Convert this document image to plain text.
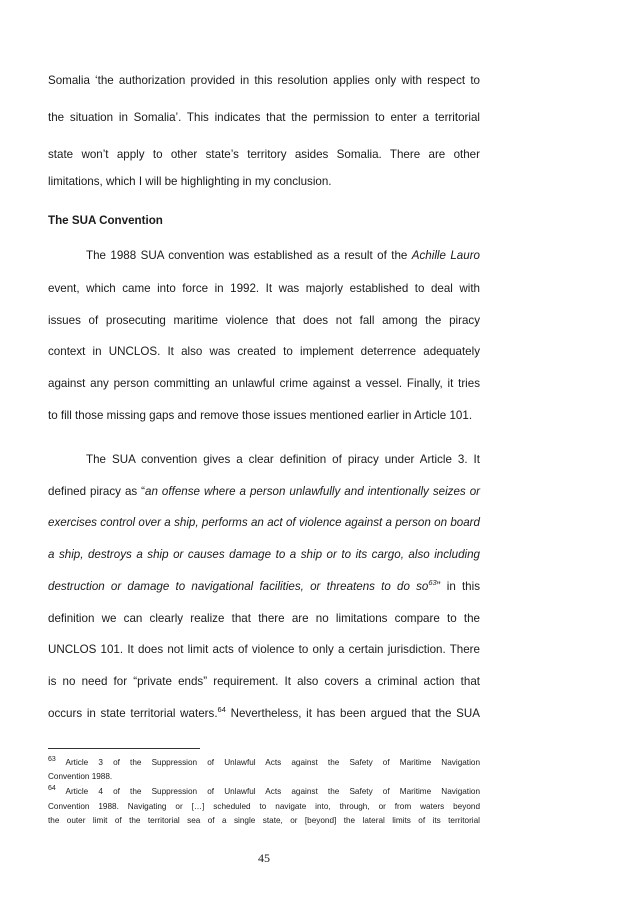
Somalia ‘the authorization provided in this resolution applies only with respect to
the situation in Somalia’. This indicates that the permission to enter a territorial
state won’t apply to other state’s territory asides Somalia. There are other
limitations, which I will be highlighting in my conclusion.
The SUA Convention
The 1988 SUA convention was established as a result of the Achille Lauro
event, which came into force in 1992. It was majorly established to deal with
issues of prosecuting maritime violence that does not fall among the piracy
context in UNCLOS. It also was created to implement deterrence adequately
against any person committing an unlawful crime against a vessel. Finally, it tries
to fill those missing gaps and remove those issues mentioned earlier in Article 101.
The SUA convention gives a clear definition of piracy under Article 3. It
defined piracy as “an offense where a person unlawfully and intentionally seizes or
exercises control over a ship, performs an act of violence against a person on board
a ship, destroys a ship or causes damage to a ship or to its cargo, also including
destruction or damage to navigational facilities, or threatens to do $so^{63}$” in this
definition we can clearly realize that there are no limitations compare to the
UNCLOS 101. It does not limit acts of violence to only a certain jurisdiction. There
is no need for “private ends” requirement. It also covers a criminal action that
occurs in state territorial waters.$^{64}$ Nevertheless, it has been argued that the SUA
$^{63}$ Article 3 of the Suppression of Unlawful Acts against the Safety of Maritime Navigation
Convention 1988.
$^{64}$ Article 4 of the Suppression of Unlawful Acts against the Safety of Maritime Navigation
Convention 1988. Navigating or […] scheduled to navigate into, through, or from waters beyond
the outer limit of the territorial sea of a single state, or [beyond] the lateral limits of its territorial
45
